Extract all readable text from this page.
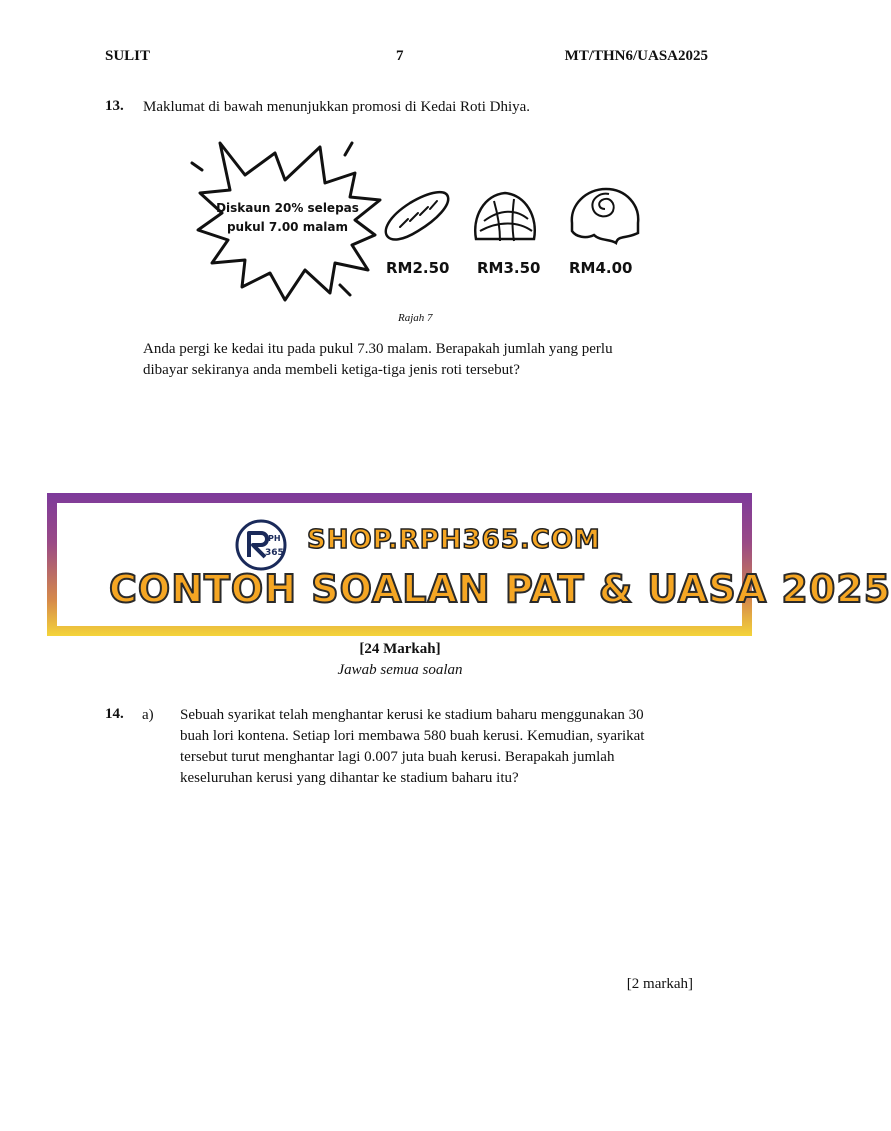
SULIT	7	MT/THN6/UASA2025
13. Maklumat di bawah menunjukkan promosi di Kedai Roti Dhiya.
Diskaun 20% selepas
pukul 7.00 malam
RM2.50 RM3.50 RM4.00
Rajah 7
Anda pergi ke kedai itu pada pukul 7.30 malam. Berapakah jumlah yang perlu
dibayar sekiranya anda membeli ketiga-tiga jenis roti tersebut?
PH
365 SHOP.RPH365.COM
CONTOH SOALAN PAT & UASA 2025
[24 Markah]
Jawab semua soalan
14. a) Sebuah syarikat telah menghantar kerusi ke stadium baharu menggunakan 30
buah lori kontena. Setiap lori membawa 580 buah kerusi. Kemudian, syarikat
tersebut turut menghantar lagi 0.007 juta buah kerusi. Berapakah jumlah
keseluruhan kerusi yang dihantar ke stadium baharu itu?
[2 markah]
